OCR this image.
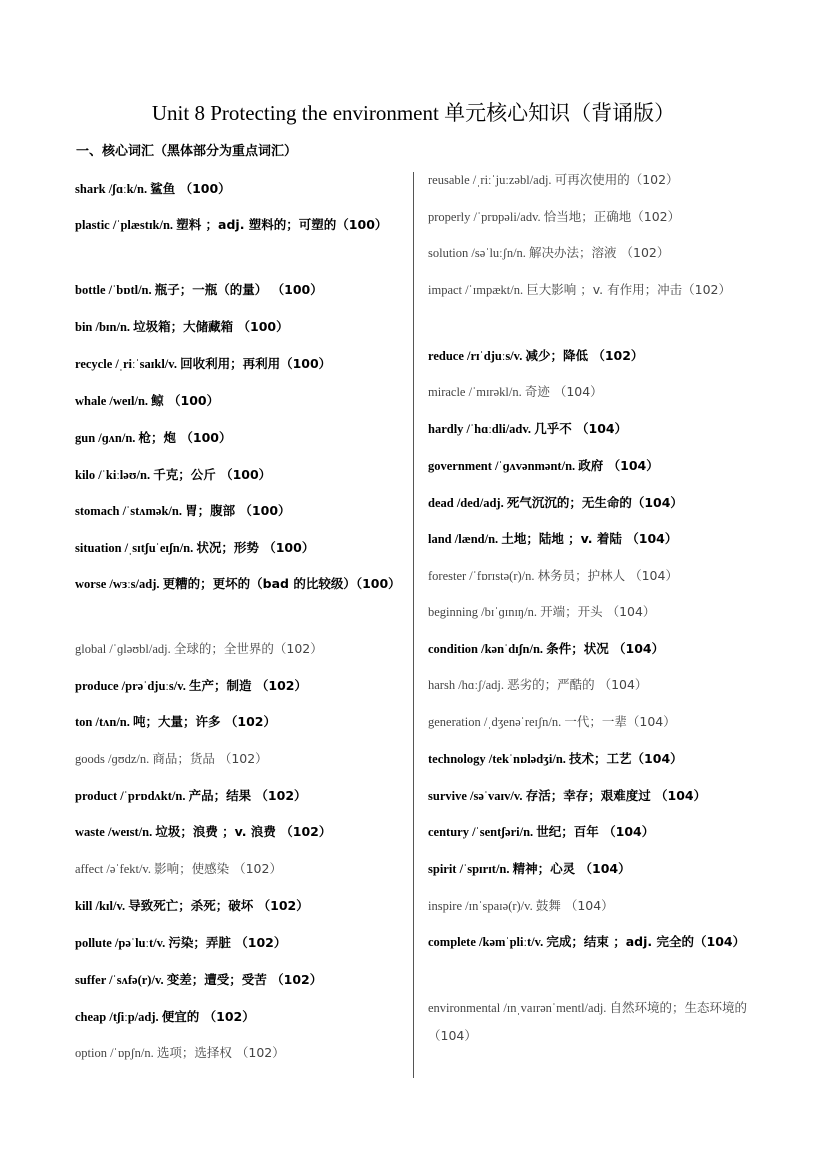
Unit 8 Protecting the environment 单元核心知识（背诵版）
一、核心词汇（黑体部分为重点词汇）
shark /ʃɑːk/n. 鲨鱼 （100）
plastic /ˈplæstɪk/n. 塑料 ；adj. 塑料的；可塑的（100）
bottle /ˈbɒtl/n. 瓶子；一瓶（的量） （100）
bin /bɪn/n. 垃圾箱；大储藏箱 （100）
recycle /ˌriːˈsaɪkl/v. 回收利用；再利用（100）
whale /weɪl/n. 鲸 （100）
gun /ɡʌn/n. 枪；炮 （100）
kilo /ˈkiːləʊ/n. 千克；公斤 （100）
stomach /ˈstʌmək/n. 胃；腹部 （100）
situation /ˌsɪtʃuˈeɪʃn/n. 状况；形势 （100）
worse /wɜːs/adj. 更糟的；更坏的（bad 的比较级）（100）
global /ˈɡləʊbl/adj. 全球的；全世界的（102）
produce /prəˈdjuːs/v. 生产；制造 （102）
ton /tʌn/n. 吨；大量；许多 （102）
goods /ɡʊdz/n. 商品；货品 （102）
product /ˈprɒdʌkt/n. 产品；结果 （102）
waste /weɪst/n. 垃圾；浪费 ；v. 浪费 （102）
affect /əˈfekt/v. 影响；使感染 （102）
kill /kɪl/v. 导致死亡；杀死；破坏 （102）
pollute /pəˈluːt/v. 污染；弄脏 （102）
suffer /ˈsʌfə(r)/v. 变差；遭受；受苦 （102）
cheap /tʃiːp/adj. 便宜的 （102）
option /ˈɒpʃn/n. 选项；选择权 （102）
reusable /ˌriːˈjuːzəbl/adj. 可再次使用的（102）
properly /ˈprɒpəli/adv. 恰当地；正确地（102）
solution /səˈluːʃn/n. 解决办法；溶液 （102）
impact /ˈɪmpækt/n. 巨大影响 ；v. 有作用；冲击（102）
reduce /rɪˈdjuːs/v. 减少；降低 （102）
miracle /ˈmɪrəkl/n. 奇迹 （104）
hardly /ˈhɑːdli/adv. 几乎不 （104）
government /ˈɡʌvənmənt/n. 政府 （104）
dead /ded/adj. 死气沉沉的；无生命的（104）
land /lænd/n. 土地；陆地 ；v. 着陆 （104）
forester /ˈfɒrɪstə(r)/n. 林务员；护林人 （104）
beginning /bɪˈɡɪnɪŋ/n. 开端；开头 （104）
condition /kənˈdɪʃn/n. 条件；状况 （104）
harsh /hɑːʃ/adj. 恶劣的；严酷的 （104）
generation /ˌdʒenəˈreɪʃn/n. 一代；一辈（104）
technology /tekˈnɒlədʒi/n. 技术；工艺（104）
survive /səˈvaɪv/v. 存活；幸存；艰难度过 （104）
century /ˈsentʃəri/n. 世纪；百年 （104）
spirit /ˈspɪrɪt/n. 精神；心灵 （104）
inspire /ɪnˈspaɪə(r)/v. 鼓舞 （104）
complete /kəmˈpliːt/v. 完成；结束 ；adj. 完全的（104）
environmental /ɪnˌvaɪrənˈmentl/adj. 自然环境的；生态环境的 （104）
